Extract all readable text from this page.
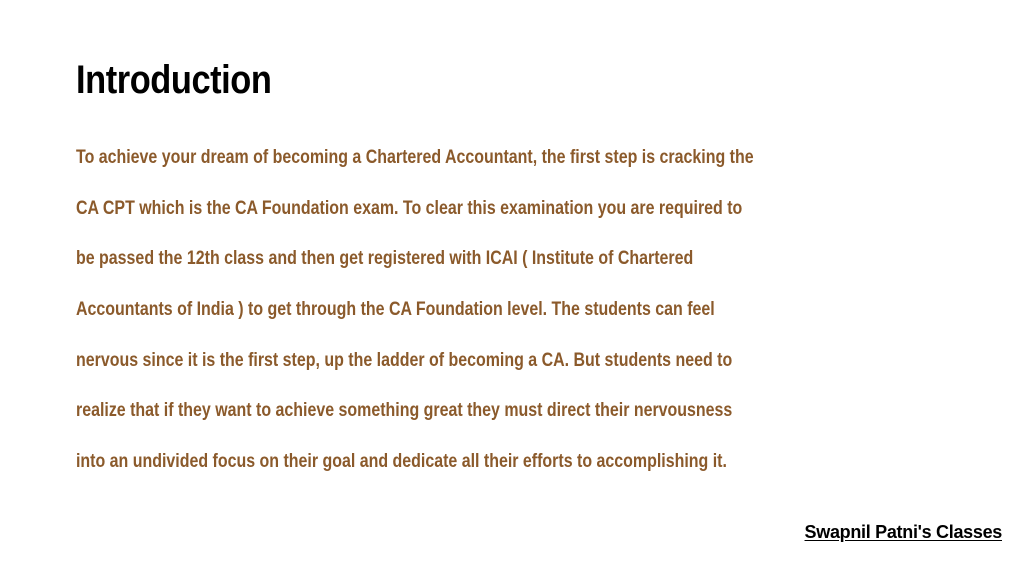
Introduction
To achieve your dream of becoming a Chartered Accountant, the first step is cracking the
CA CPT which is the CA Foundation exam. To clear this examination you are required to
be passed the 12th class and then get registered with ICAI ( Institute of Chartered
Accountants of India ) to get through the CA Foundation level. The students can feel
nervous since it is the first step, up the ladder of becoming a CA. But students need to
realize that if they want to achieve something great they must direct their nervousness
into an undivided focus on their goal and dedicate all their efforts to accomplishing it.
Swapnil Patni's Classes
